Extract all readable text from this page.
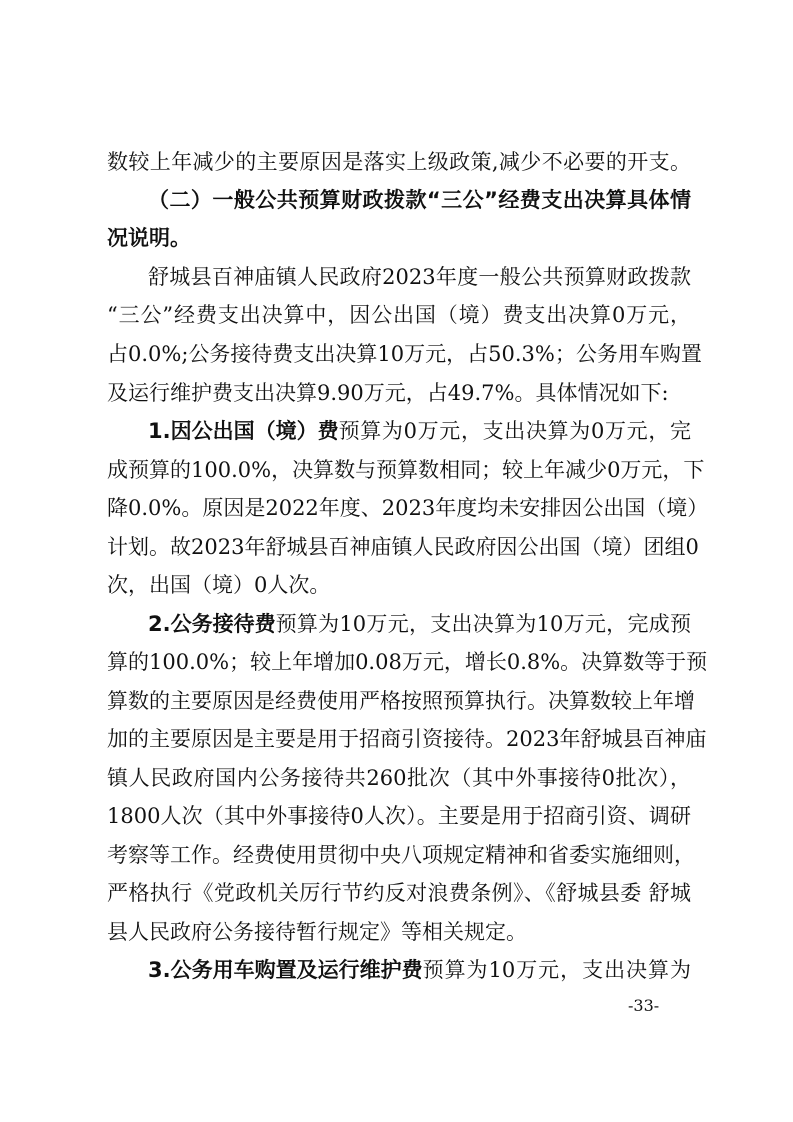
数较上年减少的主要原因是落实上级政策,减少不必要的开支。
（二）一般公共预算财政拨款“三公”经费支出决算具体情
况说明。
舒城县百神庙镇人民政府2023年度一般公共预算财政拨款
“三公”经费支出决算中，因公出国（境）费支出决算0万元，
占0.0%;公务接待费支出决算10万元，占50.3%；公务用车购置
及运行维护费支出决算9.90万元，占49.7%。具体情况如下:
1.因公出国（境）费 预算为0万元，支出决算为0万元，完
成预算的100.0%，决算数与预算数相同；较上年减少0万元，下
降0.0%。原因是2022年度、2023年度均未安排因公出国（境）
计划。故2023年舒城县百神庙镇人民政府因公出国（境）团组0
次，出国（境）0人次。
2.公务接待费 预算为10万元，支出决算为10万元，完成预
算的100.0%；较上年增加0.08万元，增长0.8%。决算数等于预
算数的主要原因是经费使用严格按照预算执行。决算数较上年增
加的主要原因是主要是用于招商引资接待。2023年舒城县百神庙
镇人民政府国内公务接待共260批次（其中外事接待0批次），
1800人次（其中外事接待0人次）。主要是用于招商引资、调研
考察等工作。经费使用贯彻中央八项规定精神和省委实施细则，
严格执行《党政机关厉行节约反对浪费条例》、《舒城县委 舒城
县人民政府公务接待暂行规定》等相关规定。
3.公务用车购置及运行维护费 预算为10万元，支出决算为
-33-
